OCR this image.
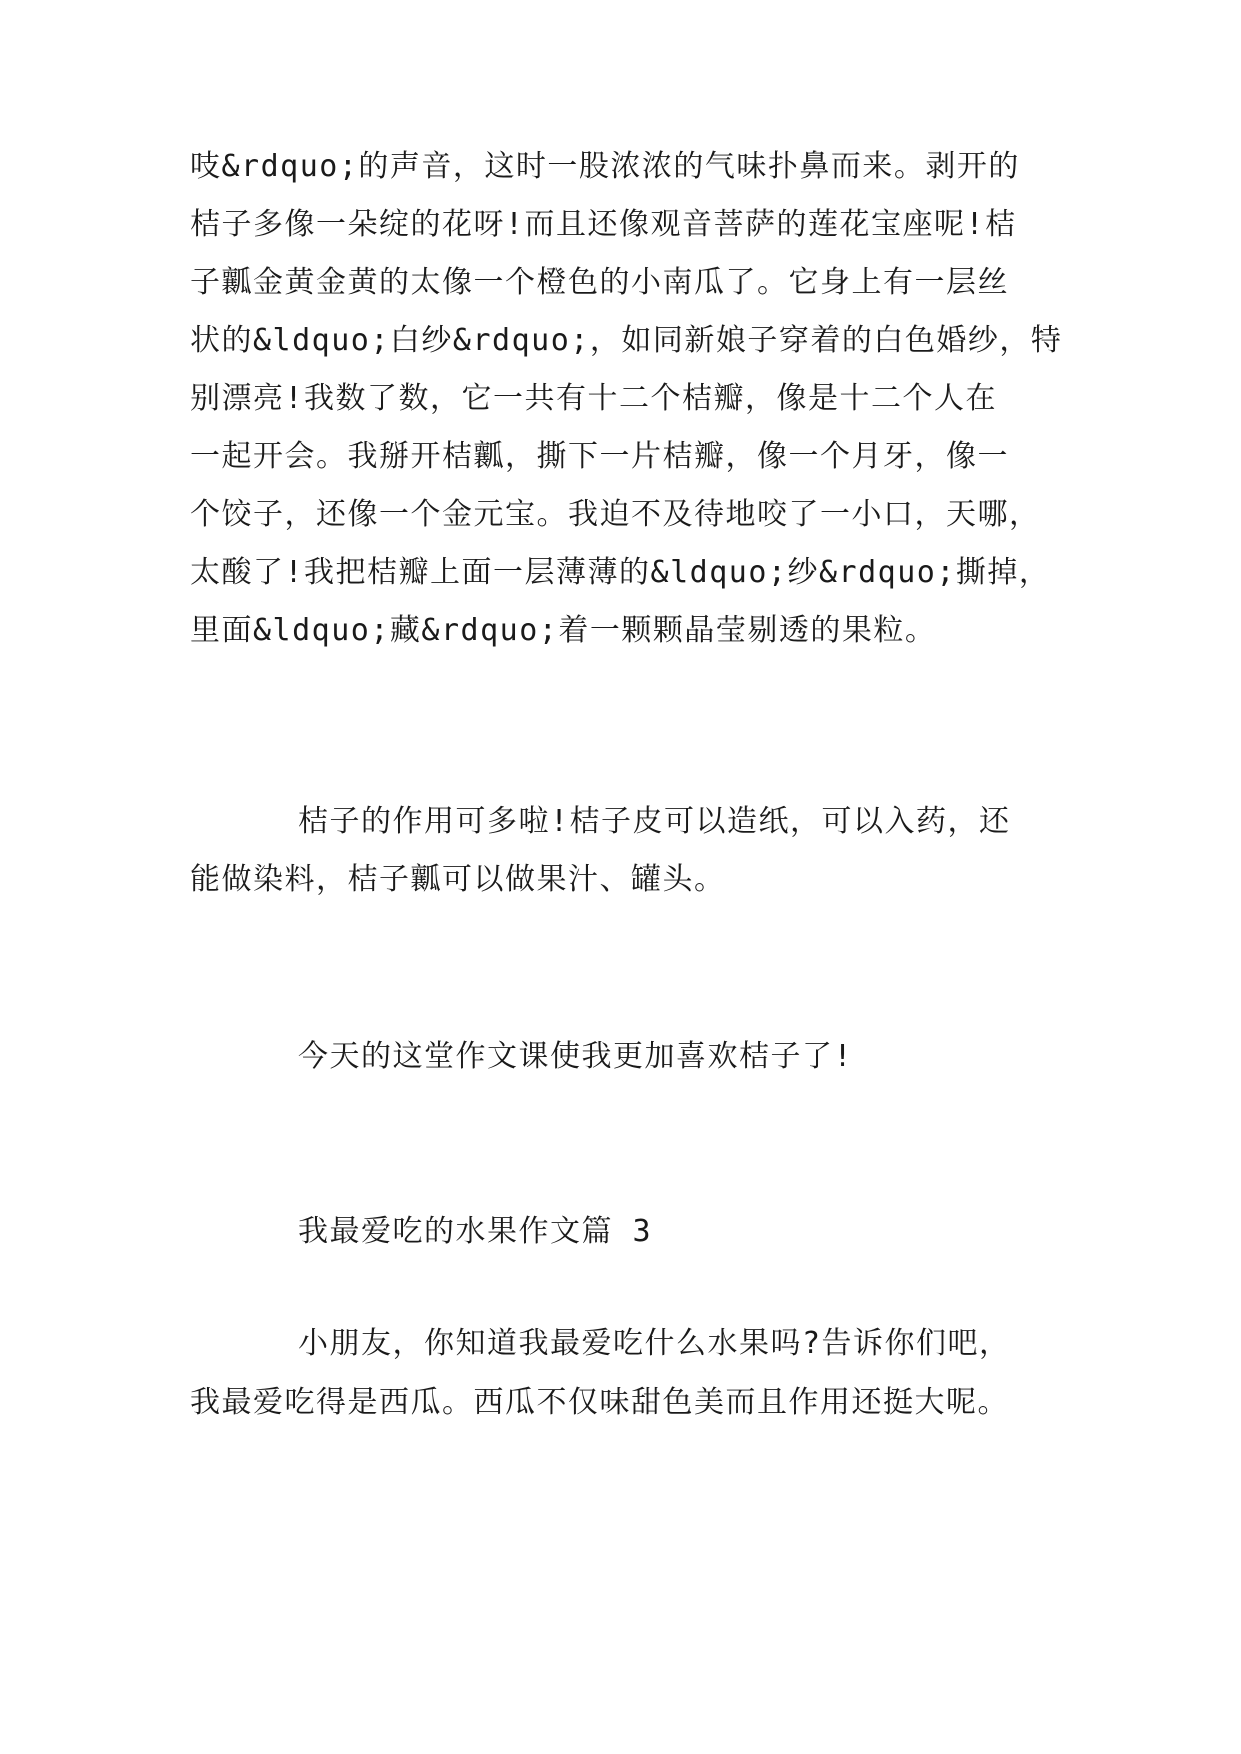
吱&rdquo;的声音，这时一股浓浓的气味扑鼻而来。剥开的
桔子多像一朵绽的花呀!而且还像观音菩萨的莲花宝座呢!桔
子瓤金黄金黄的太像一个橙色的小南瓜了。它身上有一层丝
状的&ldquo;白纱&rdquo;，如同新娘子穿着的白色婚纱，特
别漂亮!我数了数，它一共有十二个桔瓣，像是十二个人在
一起开会。我掰开桔瓤，撕下一片桔瓣，像一个月牙，像一
个饺子，还像一个金元宝。我迫不及待地咬了一小口，天哪，
太酸了!我把桔瓣上面一层薄薄的&ldquo;纱&rdquo;撕掉，
里面&ldquo;藏&rdquo;着一颗颗晶莹剔透的果粒。
桔子的作用可多啦!桔子皮可以造纸，可以入药，还
能做染料，桔子瓤可以做果汁、罐头。
今天的这堂作文课使我更加喜欢桔子了!
我最爱吃的水果作文篇 3
小朋友，你知道我最爱吃什么水果吗?告诉你们吧，
我最爱吃得是西瓜。西瓜不仅味甜色美而且作用还挺大呢。
